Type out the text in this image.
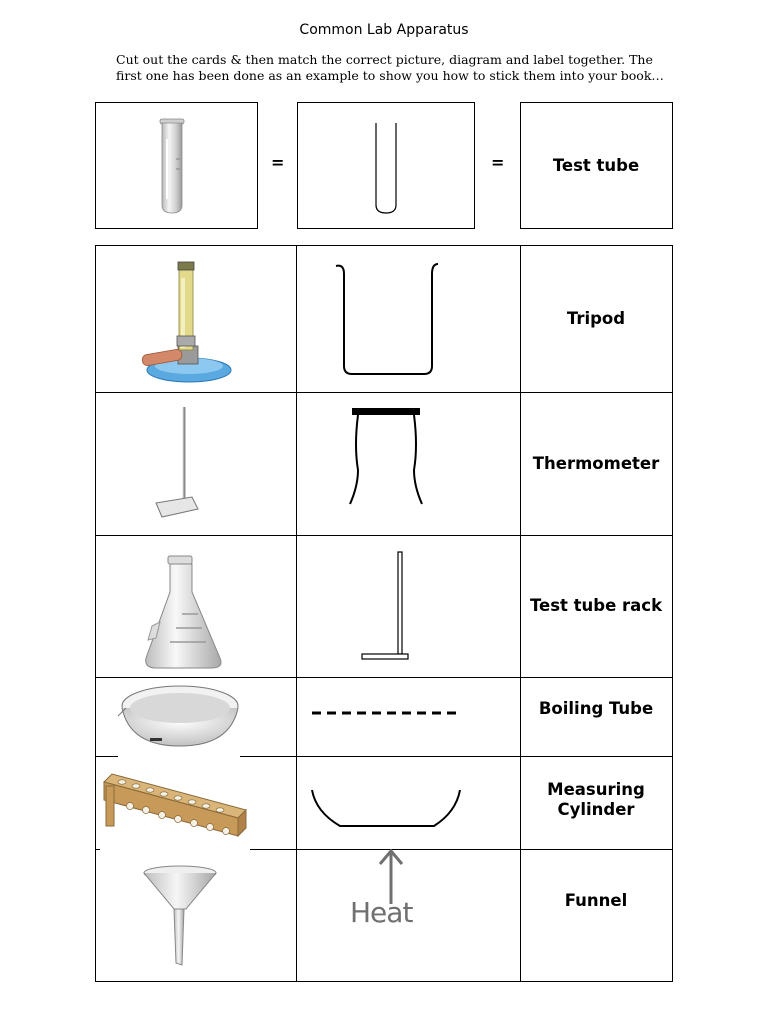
Common Lab Apparatus
Cut out the cards & then match the correct picture, diagram and label together. The first one has been done as an example to show you how to stick them into your book…
=	=	Test tube
Tripod
Thermometer
Test tube rack
Boiling Tube
Measuring Cylinder
Funnel
Heat
